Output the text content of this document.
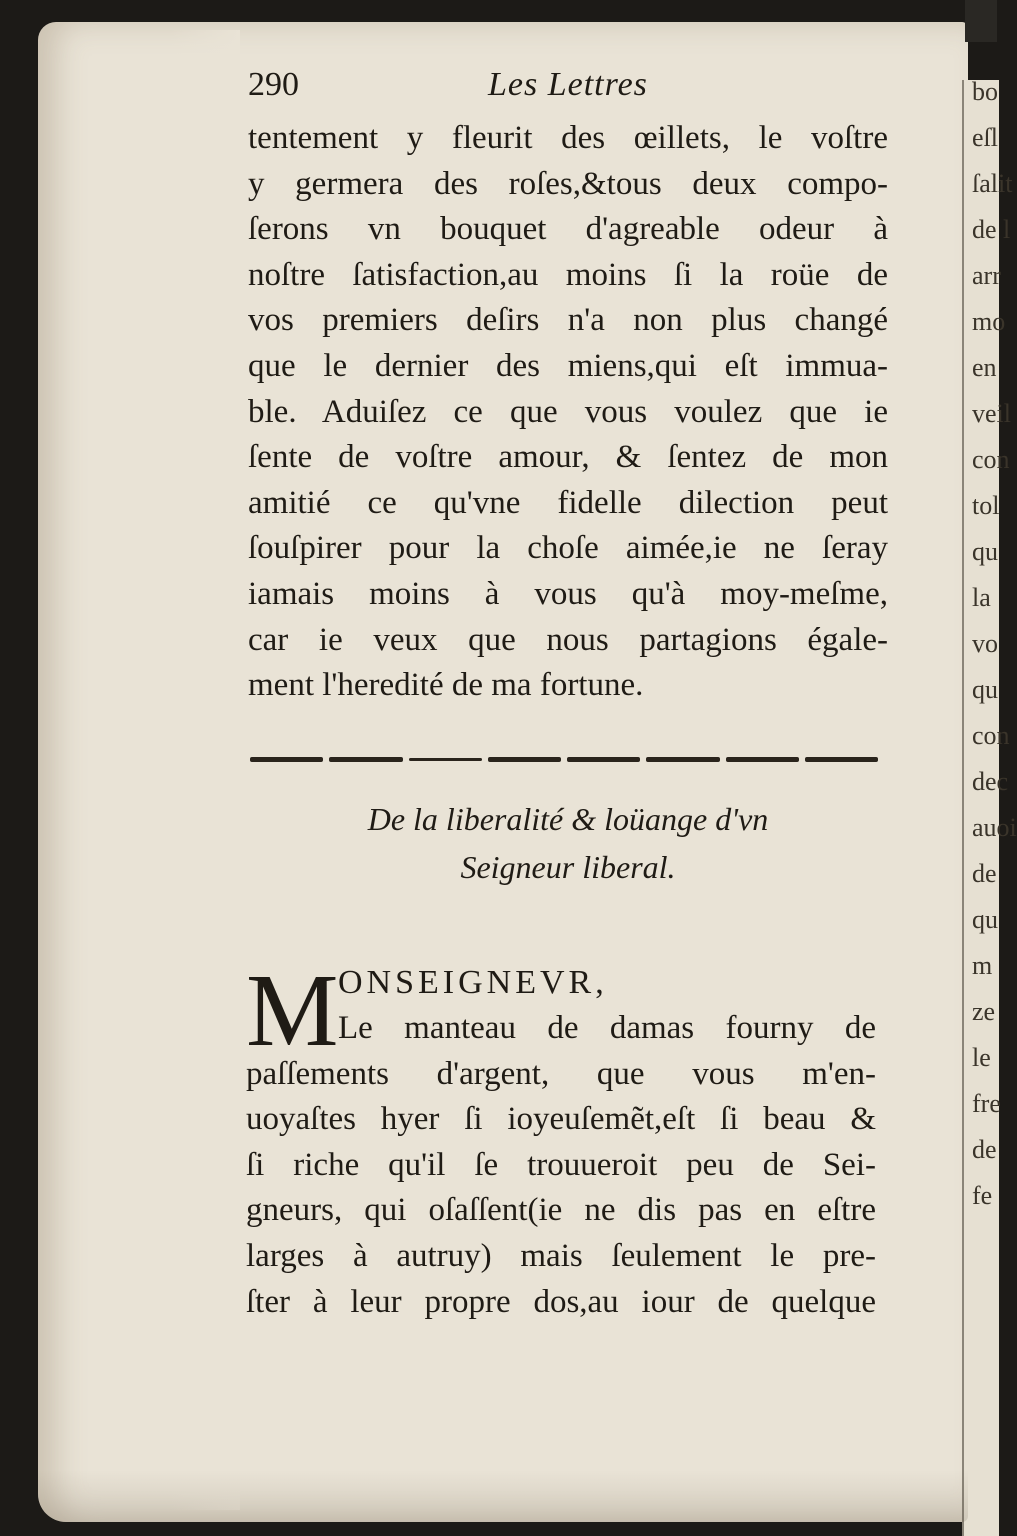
bo
eſl
ſalit
de l
arr
mo
en
veil
con
tol
qu
la
vo
qu
con
dec
auoi
de
qu
m
ze
le
fre
de
fe
290	Les Lettres
tentement y fleurit des œillets, le voſtre
y germera des roſes,&tous deux compo-
ſerons vn bouquet d'agreable odeur à
noſtre ſatisfaction,au moins ſi la roüe de
vos premiers deſirs n'a non plus changé
que le dernier des miens,qui eſt immua-
ble. Aduiſez ce que vous voulez que ie
ſente de voſtre amour, & ſentez de mon
amitié ce qu'vne fidelle dilection peut
ſouſpirer pour la choſe aimée,ie ne ſeray
iamais moins à vous qu'à moy-meſme,
car ie veux que nous partagions égale-
ment l'heredité de ma fortune.
De la liberalité & loüange d'vn
Seigneur liberal.
M ONSEIGNEVR,
Le manteau de damas fourny de
paſſements d'argent, que vous m'en-
uoyaſtes hyer ſi ioyeuſemẽt,eſt ſi beau &
ſi riche qu'il ſe trouueroit peu de Sei-
gneurs, qui oſaſſent(ie ne dis pas en eſtre
larges à autruy) mais ſeulement le pre-
ſter à leur propre dos,au iour de quelque
